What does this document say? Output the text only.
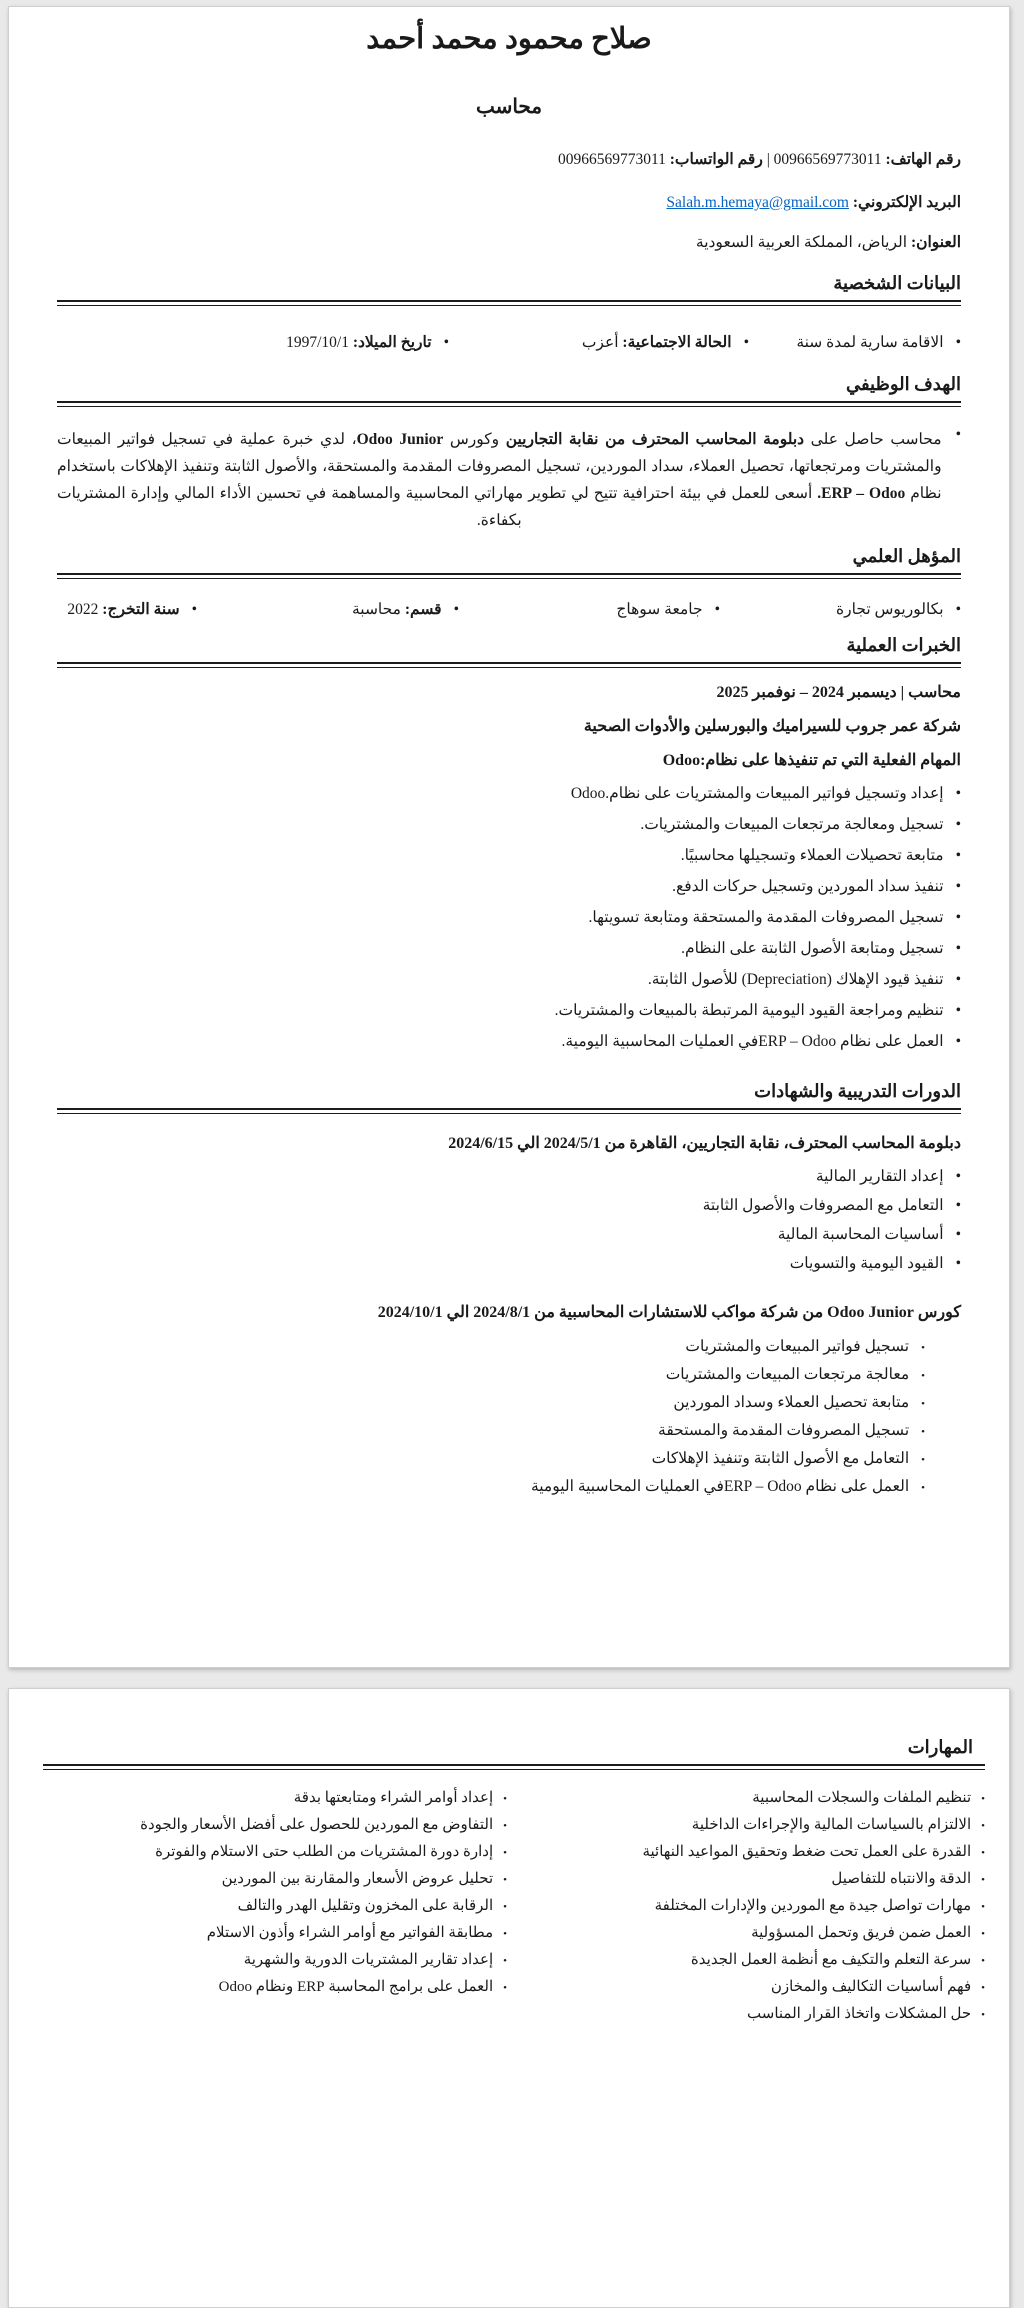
صلاح محمود محمد أحمد
محاسب

رقم الهاتف: 00966569773011 | رقم الواتساب: 00966569773011

البريد الإلكتروني: Salah.m.hemaya@gmail.com

العنوان: الرياض، المملكة العربية السعودية

البيانات الشخصية
•
الاقامة سارية لمدة سنة
•
الحالة الاجتماعية: أعزب
•
تاريخ الميلاد: 1997/10/1
الهدف الوظيفي
•

محاسب حاصل على دبلومة المحاسب المحترف من نقابة التجاريين وكورس Odoo Junior، لدي خبرة عملية في تسجيل فواتير المبيعات والمشتريات ومرتجعاتها، تحصيل العملاء، سداد الموردين، تسجيل المصروفات المقدمة والمستحقة، والأصول الثابتة وتنفيذ الإهلاكات باستخدام نظام ERP – Odoo. أسعى للعمل في بيئة احترافية تتيح لي تطوير مهاراتي المحاسبية والمساهمة في تحسين الأداء المالي وإدارة المشتريات بكفاءة.

المؤهل العلمي
•
بكالوريوس تجارة
•
جامعة سوهاج
•
قسم: محاسبة
•
سنة التخرج: 2022
الخبرات العملية

محاسب | ديسمبر 2024 – نوفمبر 2025

شركة عمر جروب للسيراميك والبورسلين والأدوات الصحية

المهام الفعلية التي تم تنفيذها على نظام:Odoo

•
إعداد وتسجيل فواتير المبيعات والمشتريات على نظام.Odoo
•
تسجيل ومعالجة مرتجعات المبيعات والمشتريات.
•
متابعة تحصيلات العملاء وتسجيلها محاسبيًا.
•
تنفيذ سداد الموردين وتسجيل حركات الدفع.
•
تسجيل المصروفات المقدمة والمستحقة ومتابعة تسويتها.
•
تسجيل ومتابعة الأصول الثابتة على النظام.
•
تنفيذ قيود الإهلاك (Depreciation) للأصول الثابتة.
•
تنظيم ومراجعة القيود اليومية المرتبطة بالمبيعات والمشتريات.
•
العمل على نظام ERP – Odooفي العمليات المحاسبية اليومية.
الدورات التدريبية والشهادات

دبلومة المحاسب المحترف، نقابة التجاريين، القاهرة من 2024/5/1 الي 2024/6/15

•
إعداد التقارير المالية
•
التعامل مع المصروفات والأصول الثابتة
•
أساسيات المحاسبة المالية
•
القيود اليومية والتسويات

كورس Odoo Junior من شركة مواكب للاستشارات المحاسبية من 2024/8/1 الي 2024/10/1

•
تسجيل فواتير المبيعات والمشتريات
•
معالجة مرتجعات المبيعات والمشتريات
•
متابعة تحصيل العملاء وسداد الموردين
•
تسجيل المصروفات المقدمة والمستحقة
•
التعامل مع الأصول الثابتة وتنفيذ الإهلاكات
•
العمل على نظام ERP – Odooفي العمليات المحاسبية اليومية
المهارات
•
تنظيم الملفات والسجلات المحاسبية
•
الالتزام بالسياسات المالية والإجراءات الداخلية
•
القدرة على العمل تحت ضغط وتحقيق المواعيد النهائية
•
الدقة والانتباه للتفاصيل
•
مهارات تواصل جيدة مع الموردين والإدارات المختلفة
•
العمل ضمن فريق وتحمل المسؤولية
•
سرعة التعلم والتكيف مع أنظمة العمل الجديدة
•
فهم أساسيات التكاليف والمخازن
•
حل المشكلات واتخاذ القرار المناسب
•
إعداد أوامر الشراء ومتابعتها بدقة
•
التفاوض مع الموردين للحصول على أفضل الأسعار والجودة
•
إدارة دورة المشتريات من الطلب حتى الاستلام والفوترة
•
تحليل عروض الأسعار والمقارنة بين الموردين
•
الرقابة على المخزون وتقليل الهدر والتالف
•
مطابقة الفواتير مع أوامر الشراء وأذون الاستلام
•
إعداد تقارير المشتريات الدورية والشهرية
•
العمل على برامج المحاسبة ERP ونظام Odoo
